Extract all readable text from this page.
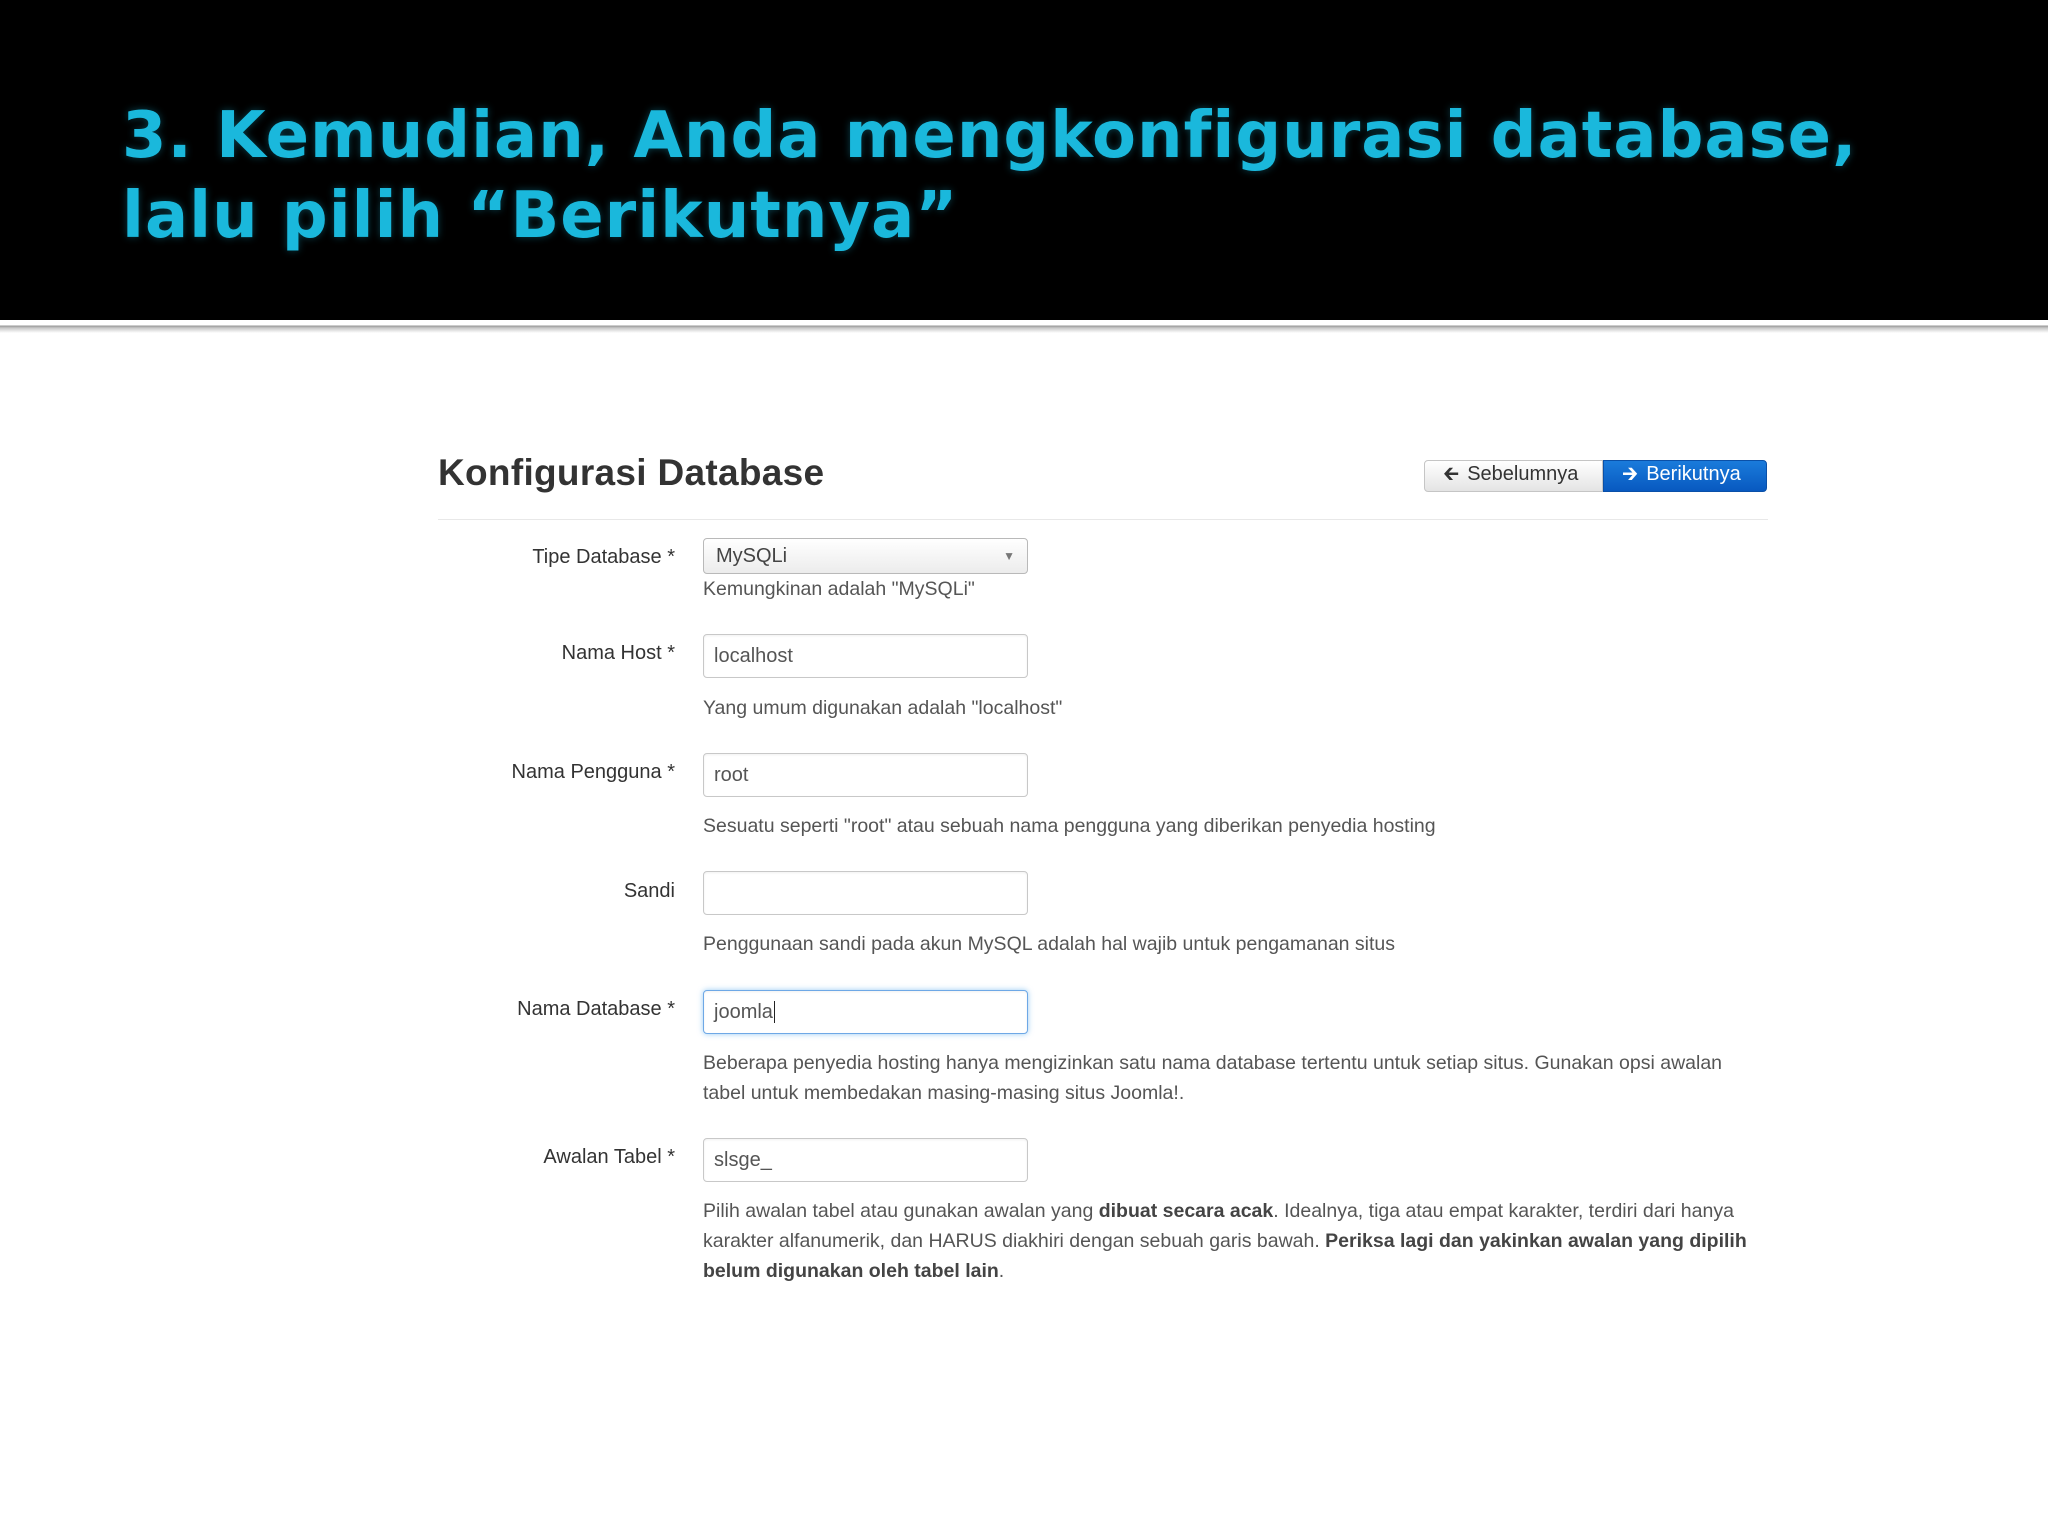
3. Kemudian, Anda mengkonfigurasi database, lalu pilih “Berikutnya”
Konfigurasi Database	🡰 Sebelumnya 🡲 Berikutnya
Tipe Database * MySQLi	▼
Kemungkinan adalah "MySQLi"
Nama Host * localhost
Yang umum digunakan adalah "localhost"
Nama Pengguna * root
Sesuatu seperti "root" atau sebuah nama pengguna yang diberikan penyedia hosting
Sandi
Penggunaan sandi pada akun MySQL adalah hal wajib untuk pengamanan situs
Nama Database * joomla
Beberapa penyedia hosting hanya mengizinkan satu nama database tertentu untuk setiap situs. Gunakan opsi awalan tabel untuk membedakan masing-masing situs Joomla!.
Awalan Tabel * slsge_
Pilih awalan tabel atau gunakan awalan yang dibuat secara acak. Idealnya, tiga atau empat karakter, terdiri dari hanya karakter alfanumerik, dan HARUS diakhiri dengan sebuah garis bawah. Periksa lagi dan yakinkan awalan yang dipilih belum digunakan oleh tabel lain.
